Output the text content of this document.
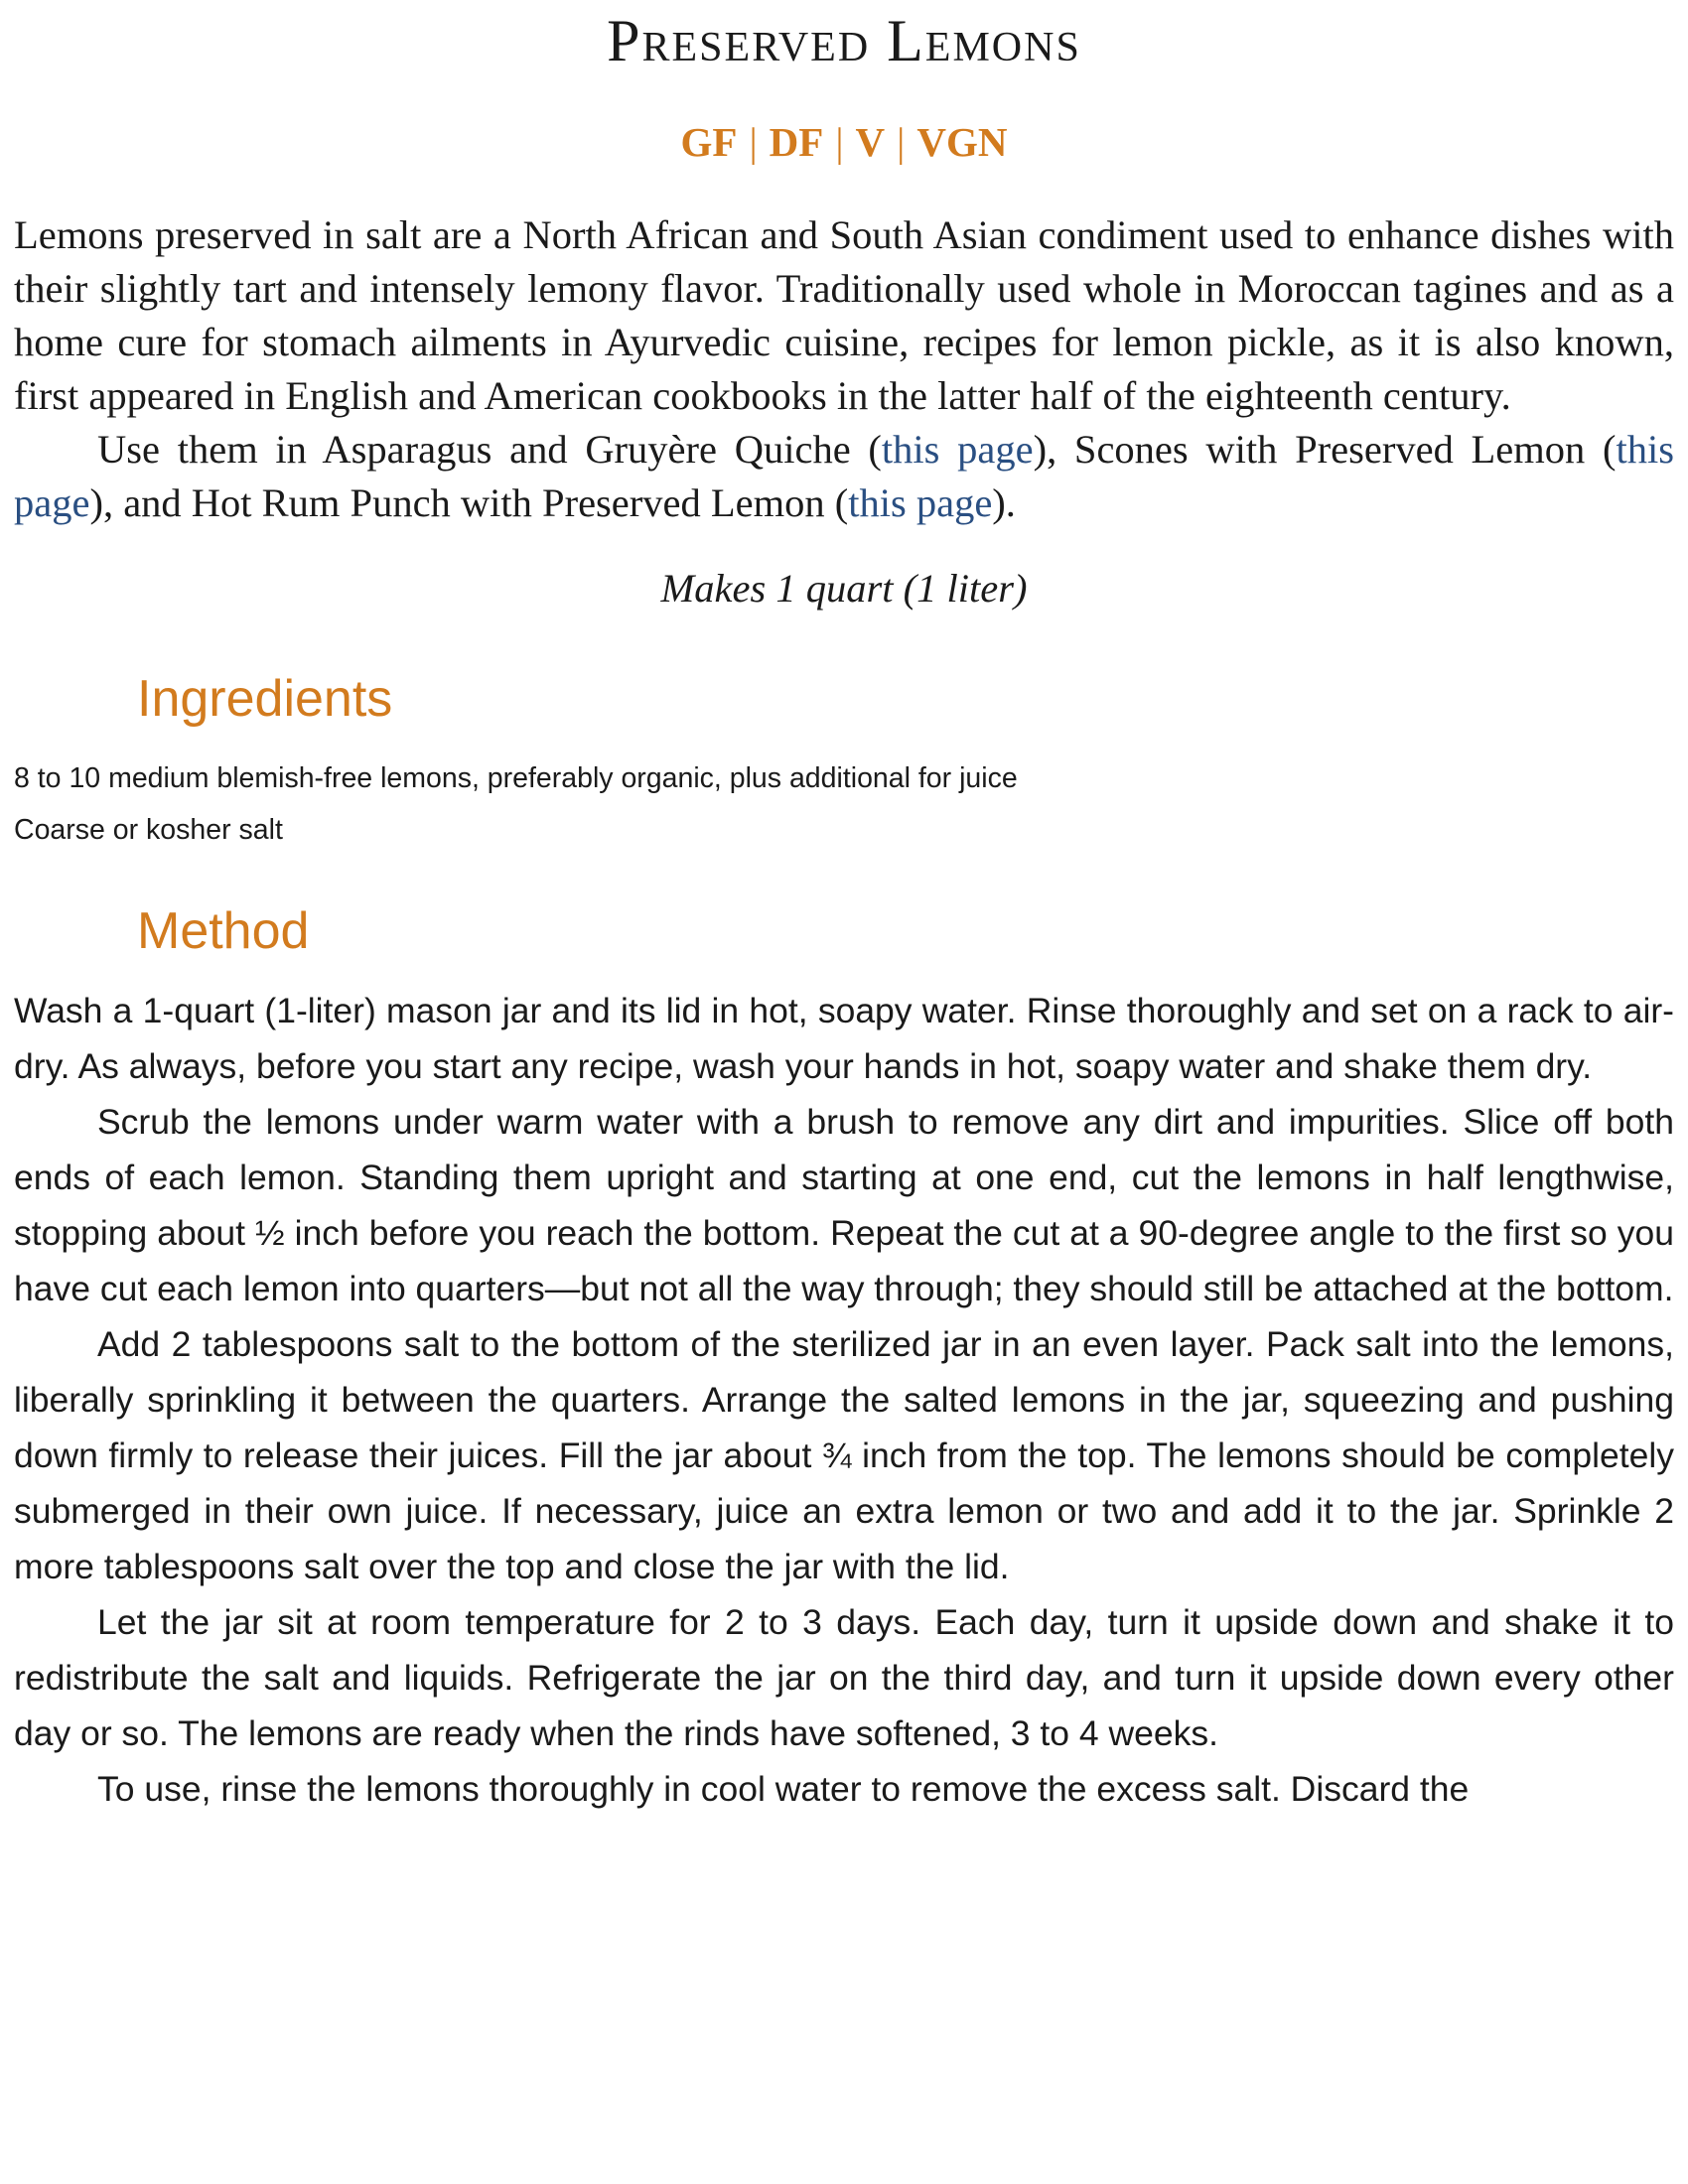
Preserved Lemons
GF | DF | V | VGN

Lemons preserved in salt are a North African and South Asian condiment used to enhance dishes with their slightly tart and intensely lemony flavor. Traditionally used whole in Moroccan tagines and as a home cure for stomach ailments in Ayurvedic cuisine, recipes for lemon pickle, as it is also known, first appeared in English and American cookbooks in the latter half of the eighteenth century.

Use them in Asparagus and Gruyère Quiche (this page), Scones with Preserved Lemon (this page), and Hot Rum Punch with Preserved Lemon (this page).

Makes 1 quart (1 liter)
Ingredients
8 to 10 medium blemish-free lemons, preferably organic, plus additional for juice
Coarse or kosher salt
Method

Wash a 1-quart (1-liter) mason jar and its lid in hot, soapy water. Rinse thoroughly and set on a rack to air-dry. As always, before you start any recipe, wash your hands in hot, soapy water and shake them dry.

Scrub the lemons under warm water with a brush to remove any dirt and impurities. Slice off both ends of each lemon. Standing them upright and starting at one end, cut the lemons in half lengthwise, stopping about ½ inch before you reach the bottom. Repeat the cut at a 90-degree angle to the first so you have cut each lemon into quarters—but not all the way through; they should still be attached at the bottom.

Add 2 tablespoons salt to the bottom of the sterilized jar in an even layer. Pack salt into the lemons, liberally sprinkling it between the quarters. Arrange the salted lemons in the jar, squeezing and pushing down firmly to release their juices. Fill the jar about ¾ inch from the top. The lemons should be completely submerged in their own juice. If necessary, juice an extra lemon or two and add it to the jar. Sprinkle 2 more tablespoons salt over the top and close the jar with the lid.

Let the jar sit at room temperature for 2 to 3 days. Each day, turn it upside down and shake it to redistribute the salt and liquids. Refrigerate the jar on the third day, and turn it upside down every other day or so. The lemons are ready when the rinds have softened, 3 to 4 weeks.

To use, rinse the lemons thoroughly in cool water to remove the excess salt. Discard the
